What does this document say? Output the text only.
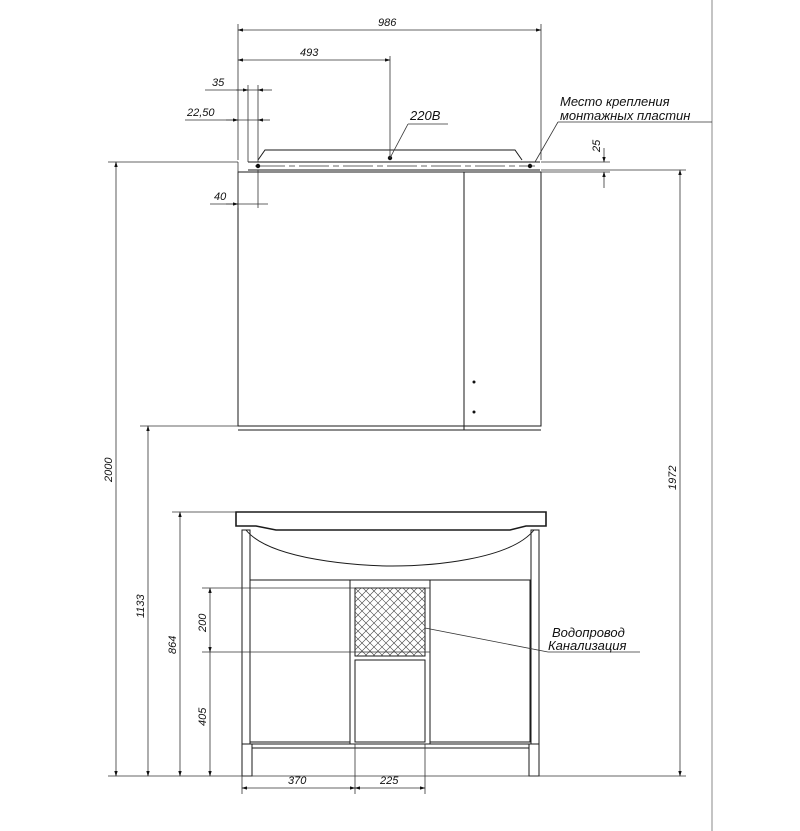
986
493
35
22,50
40
25
220В
Место крепления
монтажных пластин
2000
1133
864
200
405
1972
370	225
Водопровод
Канализация
